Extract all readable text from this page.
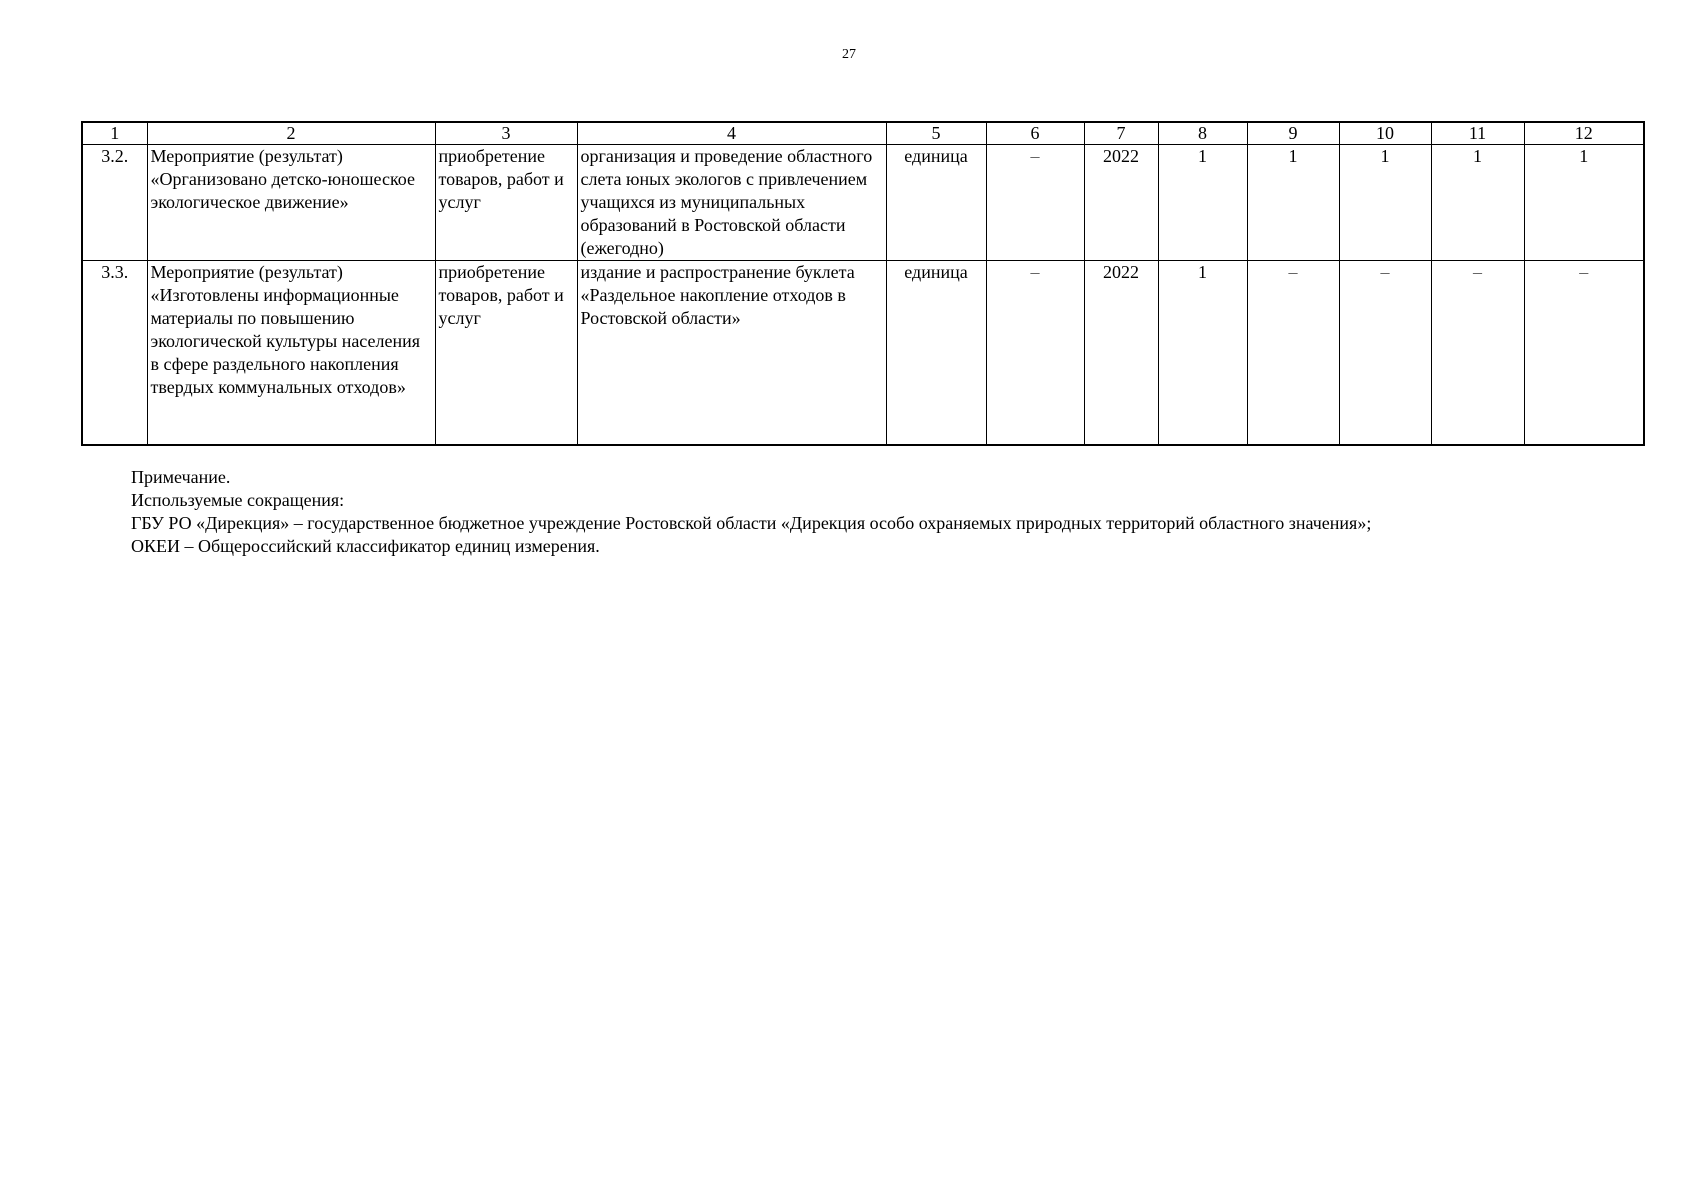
27
1	2	3	4	5	6	7	8	9	10	11	12
3.2.	Мероприятие (результат) «Организовано детско-юношеское экологическое движение»	приобретение товаров, работ и услуг	организация и проведение областного слета юных экологов с привлечением учащихся из муниципальных образований в Ростовской области (ежегодно)	единица	–	2022	1	1	1	1	1
3.3.	Мероприятие (результат) «Изготовлены информационные материалы по повышению экологической культуры населения в сфере раздельного накопления твердых коммунальных отходов»	приобретение товаров, работ и услуг	издание и распространение буклета «Раздельное накопление отходов в Ростовской области»	единица	–	2022	1	–	–	–	–

Примечание.

Используемые сокращения:

ГБУ РО «Дирекция» – государственное бюджетное учреждение Ростовской области «Дирекция особо охраняемых природных территорий областного значения»;

ОКЕИ – Общероссийский классификатор единиц измерения.
